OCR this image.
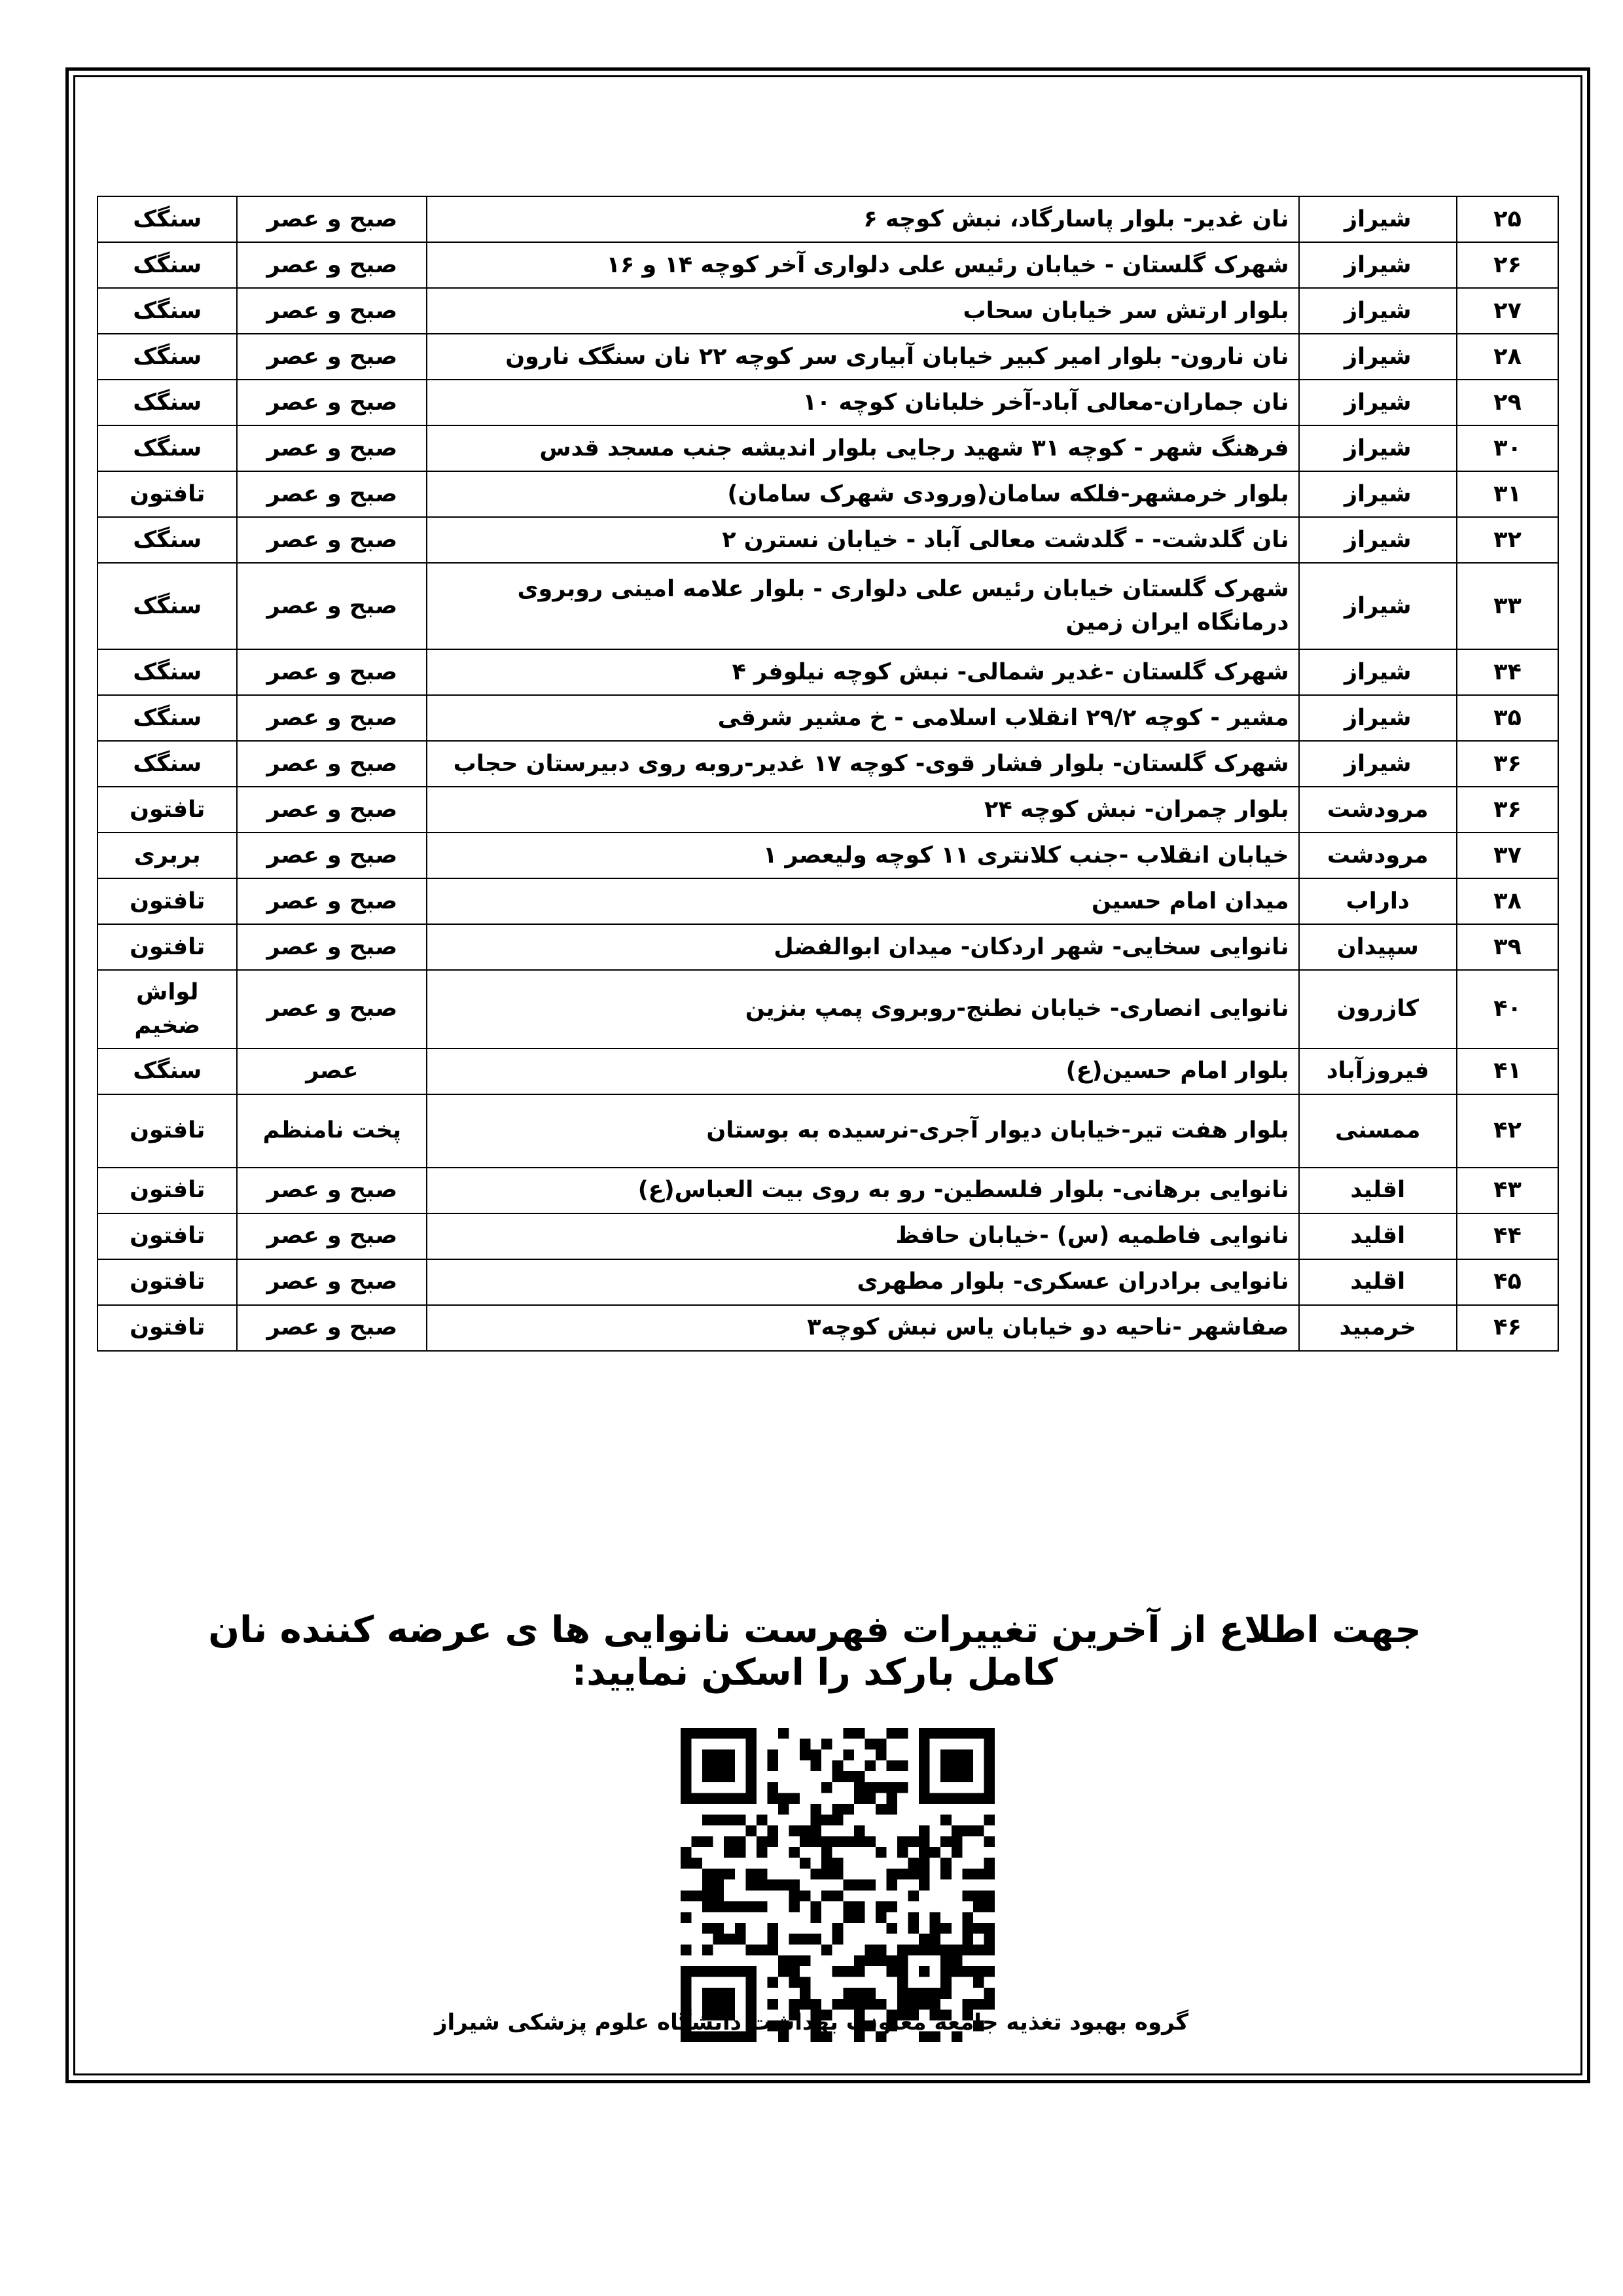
۲۵	شیراز	نان غدیر- بلوار پاسارگاد، نبش کوچه ۶	صبح و عصر	سنگک
۲۶	شیراز	شهرک گلستان - خیابان رئیس علی دلواری آخر کوچه ۱۴ و ۱۶	صبح و عصر	سنگک
۲۷	شیراز	بلوار ارتش سر خیابان سحاب	صبح و عصر	سنگک
۲۸	شیراز	نان نارون- بلوار امیر کبیر خیابان آبیاری سر کوچه ۲۲ نان سنگک نارون	صبح و عصر	سنگک
۲۹	شیراز	نان جماران-معالی آباد-آخر خلبانان کوچه ۱۰	صبح و عصر	سنگک
۳۰	شیراز	فرهنگ شهر - کوچه ۳۱ شهید رجایی بلوار اندیشه جنب مسجد قدس	صبح و عصر	سنگک
۳۱	شیراز	بلوار خرمشهر-فلکه سامان(ورودی شهرک سامان)	صبح و عصر	تافتون
۳۲	شیراز	نان گلدشت- - گلدشت معالی آباد - خیابان نسترن ۲	صبح و عصر	سنگک
۳۳	شیراز	شهرک گلستان خیابان رئیس علی دلواری - بلوار علامه امینی روبروی درمانگاه ایران زمین	صبح و عصر	سنگک
۳۴	شیراز	شهرک گلستان -غدیر شمالی- نبش کوچه نیلوفر ۴	صبح و عصر	سنگک
۳۵	شیراز	مشیر - کوچه ۲۹/۲ انقلاب اسلامی - خ مشیر شرقی	صبح و عصر	سنگک
۳۶	شیراز	شهرک گلستان- بلوار فشار قوی- کوچه ۱۷ غدیر-روبه روی دبیرستان حجاب	صبح و عصر	سنگک
۳۶	مرودشت	بلوار چمران- نبش کوچه ۲۴	صبح و عصر	تافتون
۳۷	مرودشت	خیابان انقلاب -جنب کلانتری ۱۱ کوچه ولیعصر ۱	صبح و عصر	بربری
۳۸	داراب	میدان امام حسین	صبح و عصر	تافتون
۳۹	سپیدان	نانوایی سخایی- شهر اردکان- میدان ابوالفضل	صبح و عصر	تافتون
۴۰	کازرون	نانوایی انصاری- خیابان نطنج-روبروی پمپ بنزین	صبح و عصر	لواش ضخیم
۴۱	فیروزآباد	بلوار امام حسین(ع)	عصر	سنگک
۴۲	ممسنی	بلوار هفت تیر-خیابان دیوار آجری-نرسیده به بوستان	پخت نامنظم	تافتون
۴۳	اقلید	نانوایی برهانی- بلوار فلسطین- رو به روی بیت العباس(ع)	صبح و عصر	تافتون
۴۴	اقلید	نانوایی فاطمیه (س) -خیابان حافظ	صبح و عصر	تافتون
۴۵	اقلید	نانوایی برادران عسکری- بلوار مطهری	صبح و عصر	تافتون
۴۶	خرمبید	صفاشهر -ناحیه دو خیابان یاس نبش کوچه۳	صبح و عصر	تافتون
جهت اطلاع از آخرین تغییرات فهرست نانوایی ها ی عرضه کننده نان کامل بارکد را اسکن نمایید:
گروه بهبود تغذیه جامعه معاونت بهداشت دانشگاه علوم پزشکی شیراز
